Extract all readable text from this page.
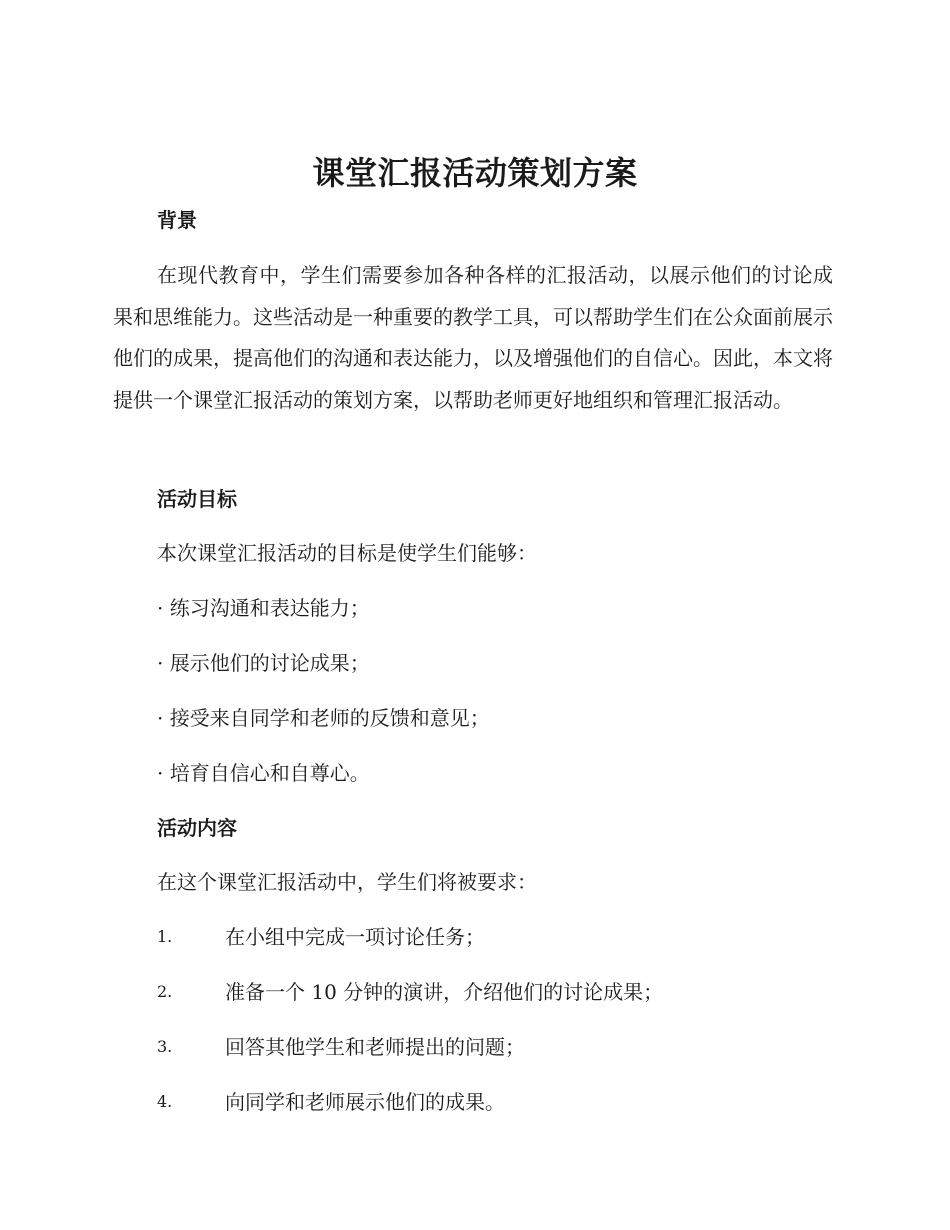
课堂汇报活动策划方案
背景
在现代教育中，学生们需要参加各种各样的汇报活动，以展示他们的讨论成果和思维能力。这些活动是一种重要的教学工具，可以帮助学生们在公众面前展示他们的成果，提高他们的沟通和表达能力，以及增强他们的自信心。因此，本文将提供一个课堂汇报活动的策划方案，以帮助老师更好地组织和管理汇报活动。
活动目标
本次课堂汇报活动的目标是使学生们能够：
· 练习沟通和表达能力；
· 展示他们的讨论成果；
· 接受来自同学和老师的反馈和意见；
· 培育自信心和自尊心。
活动内容
在这个课堂汇报活动中，学生们将被要求：
1.	在小组中完成一项讨论任务；
2.	准备一个 10 分钟的演讲，介绍他们的讨论成果；
3.	回答其他学生和老师提出的问题；
4.	向同学和老师展示他们的成果。
